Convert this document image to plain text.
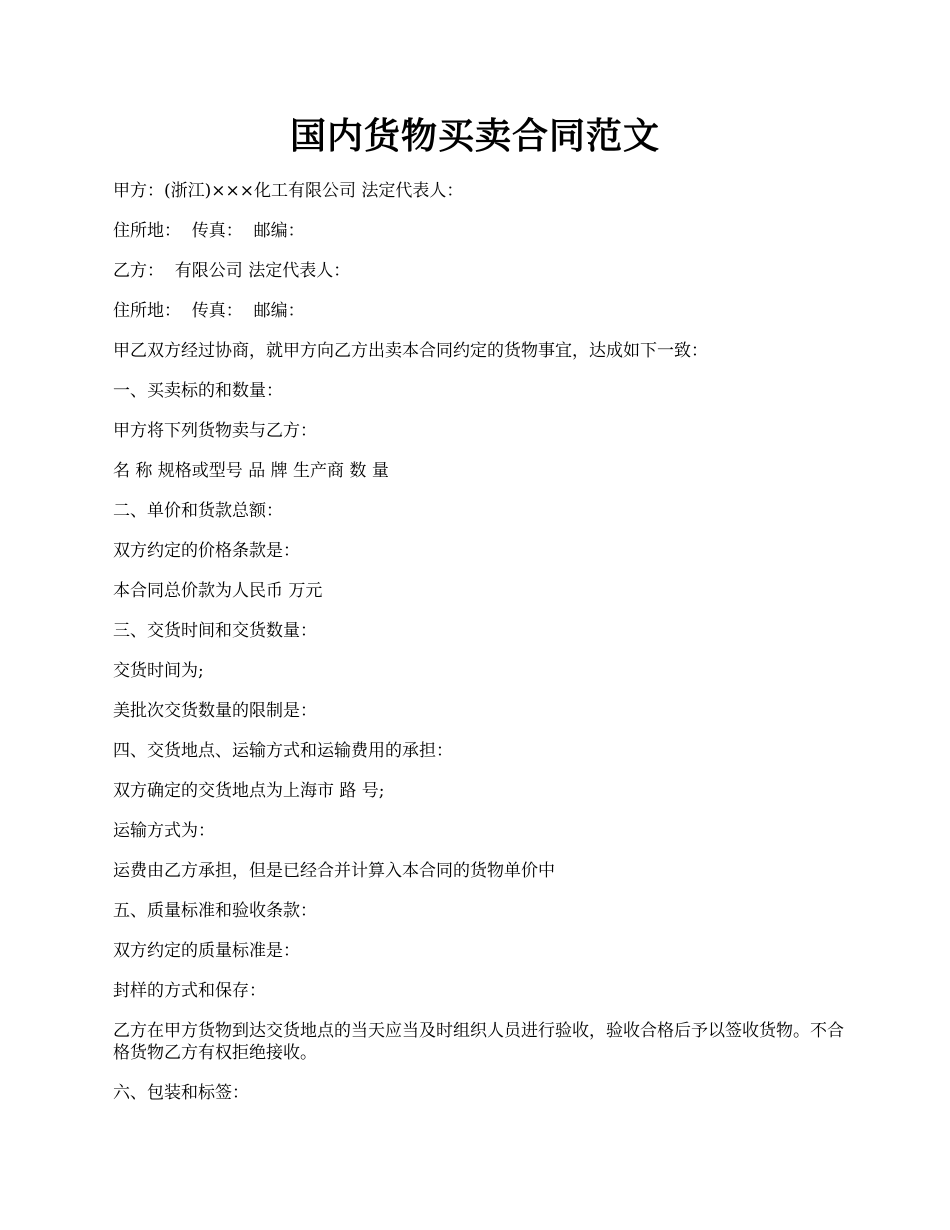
国内货物买卖合同范文

甲方：(浙江)×××化工有限公司 法定代表人：

住所地：  传真：  邮编：

乙方：  有限公司 法定代表人：

住所地：  传真：  邮编：

甲乙双方经过协商，就甲方向乙方出卖本合同约定的货物事宜，达成如下一致：

一、买卖标的和数量：

甲方将下列货物卖与乙方：

名 称 规格或型号 品 牌 生产商 数 量

二、单价和货款总额：

双方约定的价格条款是：

本合同总价款为人民币 万元

三、交货时间和交货数量：

交货时间为;

美批次交货数量的限制是：

四、交货地点、运输方式和运输费用的承担：

双方确定的交货地点为上海市 路 号;

运输方式为：

运费由乙方承担，但是已经合并计算入本合同的货物单价中

五、质量标准和验收条款：

双方约定的质量标准是：

封样的方式和保存：

乙方在甲方货物到达交货地点的当天应当及时组织人员进行验收，验收合格后予以签收货物。不合格货物乙方有权拒绝接收。

六、包装和标签：
